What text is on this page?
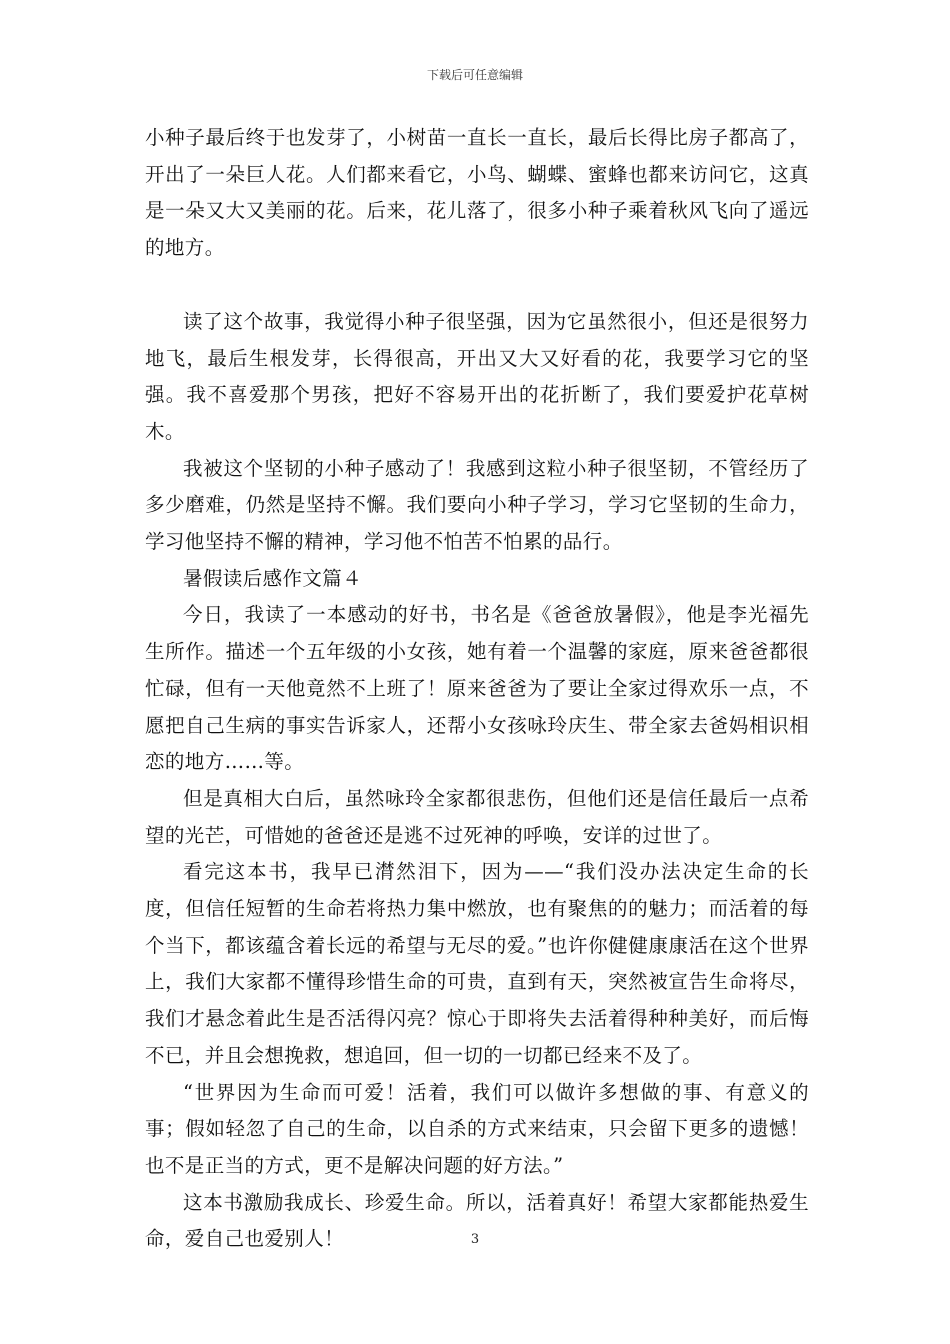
下载后可任意编辑

小种子最后终于也发芽了，小树苗一直长一直长，最后长得比房子都高了，开出了一朵巨人花。人们都来看它，小鸟、蝴蝶、蜜蜂也都来访问它，这真是一朵又大又美丽的花。后来，花儿落了，很多小种子乘着秋风飞向了遥远的地方。

读了这个故事，我觉得小种子很坚强，因为它虽然很小，但还是很努力地飞，最后生根发芽，长得很高，开出又大又好看的花，我要学习它的坚强。我不喜爱那个男孩，把好不容易开出的花折断了，我们要爱护花草树木。

我被这个坚韧的小种子感动了！我感到这粒小种子很坚韧，不管经历了多少磨难，仍然是坚持不懈。我们要向小种子学习，学习它坚韧的生命力，学习他坚持不懈的精神，学习他不怕苦不怕累的品行。

暑假读后感作文篇４

今日，我读了一本感动的好书，书名是《爸爸放暑假》，他是李光福先生所作。描述一个五年级的小女孩，她有着一个温馨的家庭，原来爸爸都很忙碌，但有一天他竟然不上班了！原来爸爸为了要让全家过得欢乐一点，不愿把自己生病的事实告诉家人，还帮小女孩咏玲庆生、带全家去爸妈相识相恋的地方……等。

但是真相大白后，虽然咏玲全家都很悲伤，但他们还是信任最后一点希望的光芒，可惜她的爸爸还是逃不过死神的呼唤，安详的过世了。

看完这本书，我早已潸然泪下，因为——“我们没办法决定生命的长度，但信任短暂的生命若将热力集中燃放，也有聚焦的的魅力；而活着的每个当下，都该蕴含着长远的希望与无尽的爱。”也许你健健康康活在这个世界上，我们大家都不懂得珍惜生命的可贵，直到有天，突然被宣告生命将尽，我们才悬念着此生是否活得闪亮？惊心于即将失去活着得种种美好，而后悔不已，并且会想挽救，想追回，但一切的一切都已经来不及了。

“世界因为生命而可爱！活着，我们可以做许多想做的事、有意义的事；假如轻忽了自己的生命，以自杀的方式来结束，只会留下更多的遗憾！也不是正当的方式，更不是解决问题的好方法。”

这本书激励我成长、珍爱生命。所以，活着真好！希望大家都能热爱生命，爱自己也爱别人！	3
